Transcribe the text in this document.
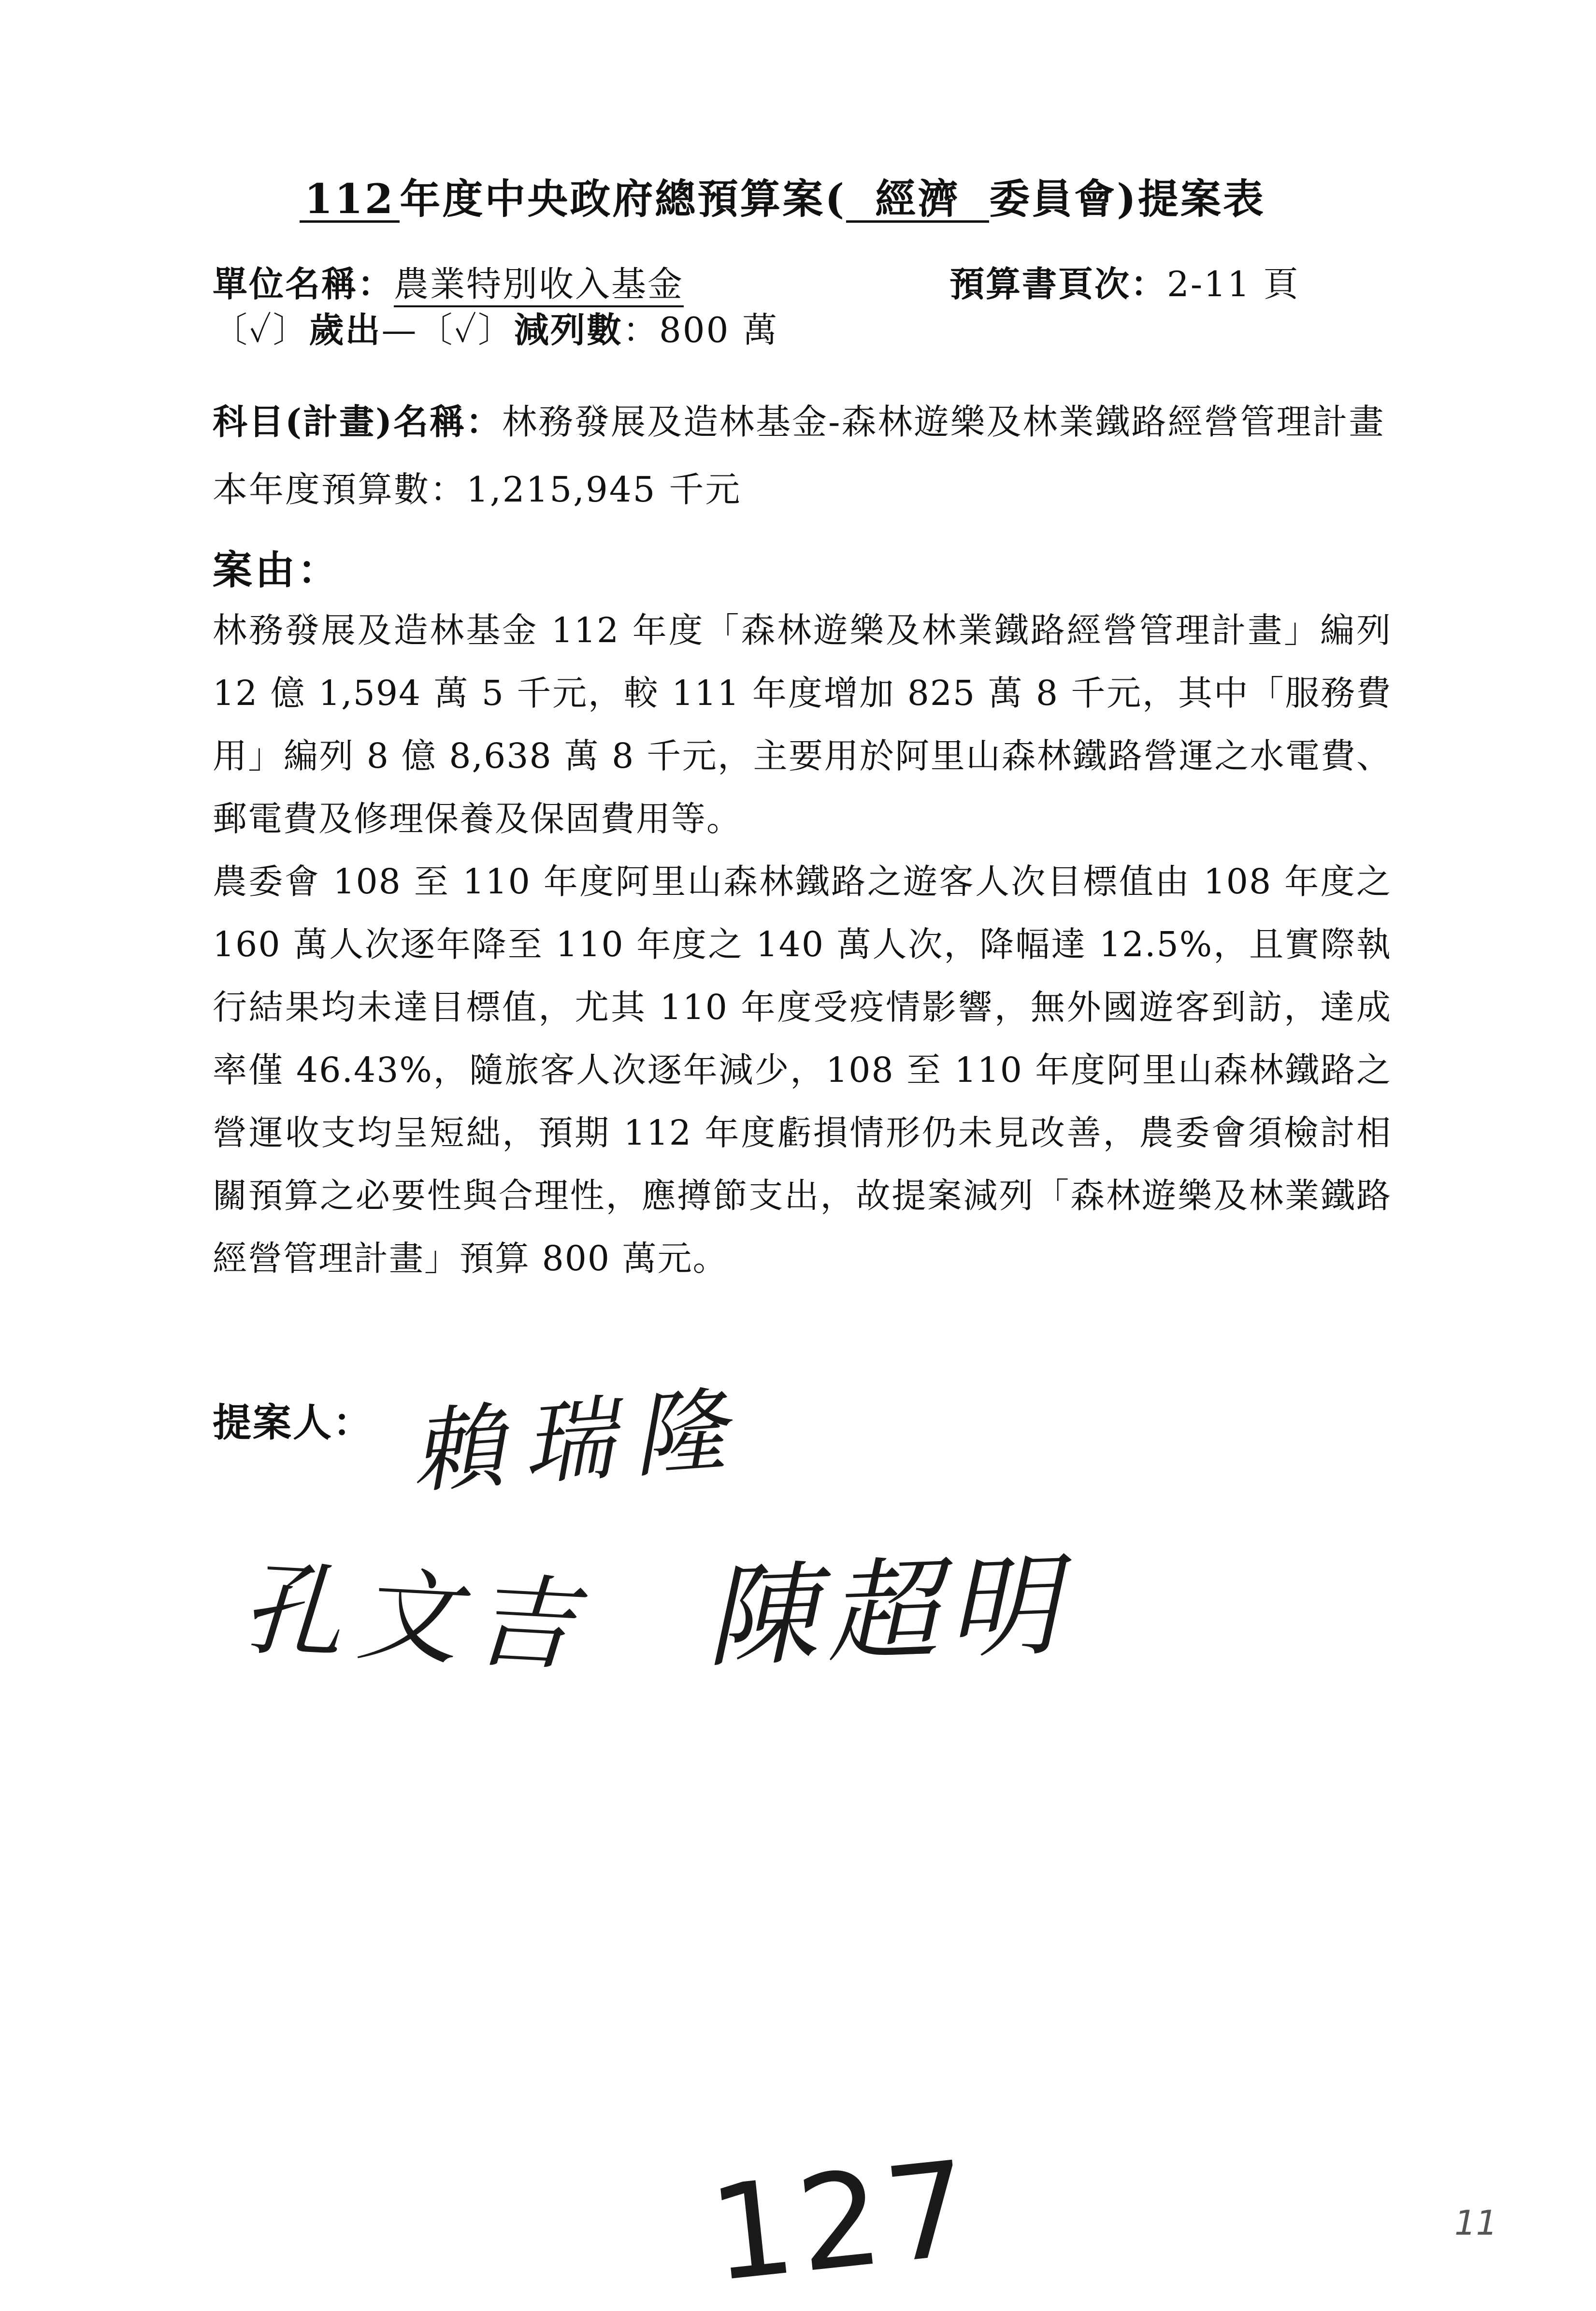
112 年度中央政府總預算案( 經濟 委員會)提案表
單位名稱：農業特別收入基金	預算書頁次：2-11 頁
〔✓〕歲出—〔✓〕減列數：800 萬
科目(計畫)名稱：林務發展及造林基金-森林遊樂及林業鐵路經營管理計畫
本年度預算數：1,215,945 千元
案由：
林務發展及造林基金 112 年度「森林遊樂及林業鐵路經營管理計畫」編列 12 億 1,594 萬 5 千元，較 111 年度增加 825 萬 8 千元，其中「服務費用」編列 8 億 8,638 萬 8 千元，主要用於阿里山森林鐵路營運之水電費、郵電費及修理保養及保固費用等。
農委會 108 至 110 年度阿里山森林鐵路之遊客人次目標值由 108 年度之 160 萬人次逐年降至 110 年度之 140 萬人次，降幅達 12.5%，且實際執行結果均未達目標值，尤其 110 年度受疫情影響，無外國遊客到訪，達成率僅 46.43%，隨旅客人次逐年減少，108 至 110 年度阿里山森林鐵路之營運收支均呈短絀，預期 112 年度虧損情形仍未見改善，農委會須檢討相關預算之必要性與合理性，應撙節支出，故提案減列「森林遊樂及林業鐵路經營管理計畫」預算 800 萬元。
提案人： 賴瑞隆
孔文吉 陳超明
127	11
